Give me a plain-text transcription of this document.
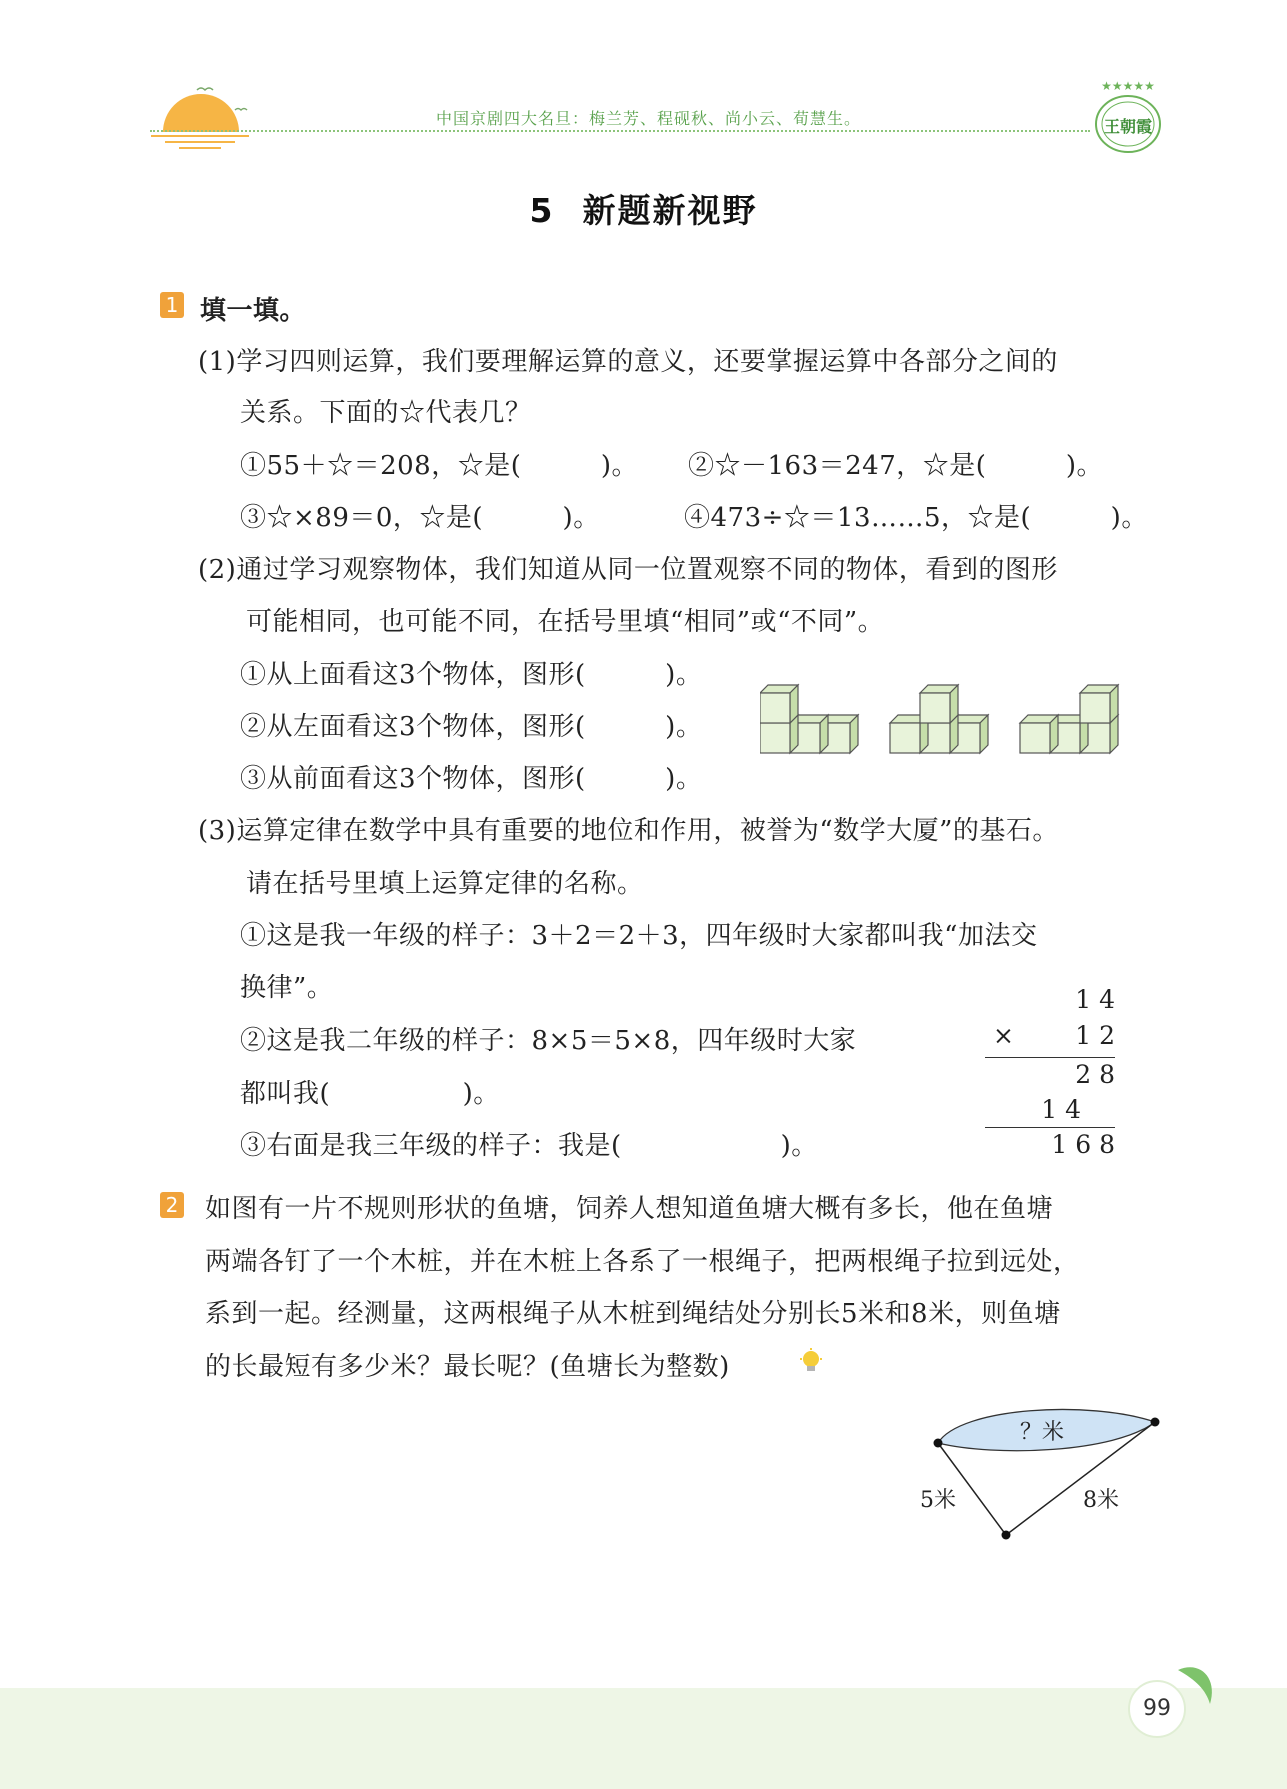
中国京剧四大名旦：梅兰芳、程砚秋、尚小云、荀慧生。
★★★★★
王朝霞
5 新题新视野
1 填一填。
(1)学习四则运算，我们要理解运算的意义，还要掌握运算中各部分之间的
关系。下面的☆代表几？
①55＋☆＝208，☆是(　　　)。 ②☆－163＝247，☆是(　　　)。
③☆×89＝0，☆是(　　　)。	④473÷☆＝13……5，☆是(　　　)。
(2)通过学习观察物体，我们知道从同一位置观察不同的物体，看到的图形
可能相同，也可能不同，在括号里填“相同”或“不同”。
①从上面看这3个物体，图形(　　　)。
②从左面看这3个物体，图形(　　　)。
③从前面看这3个物体，图形(　　　)。
(3)运算定律在数学中具有重要的地位和作用，被誉为“数学大厦”的基石。
请在括号里填上运算定律的名称。
①这是我一年级的样子：3＋2＝2＋3，四年级时大家都叫我“加法交
换律”。
②这是我二年级的样子：8×5＝5×8，四年级时大家
都叫我(　　　　　)。
③右面是我三年级的样子：我是(　　　　　　)。
1 4
× 1 2
2 8
1 4
1 6 8
2 如图有一片不规则形状的鱼塘，饲养人想知道鱼塘大概有多长，他在鱼塘
两端各钉了一个木桩，并在木桩上各系了一根绳子，把两根绳子拉到远处，
系到一起。经测量，这两根绳子从木桩到绳结处分别长5米和8米，则鱼塘
的长最短有多少米？最长呢？(鱼塘长为整数)
？米
5米	8米
99
